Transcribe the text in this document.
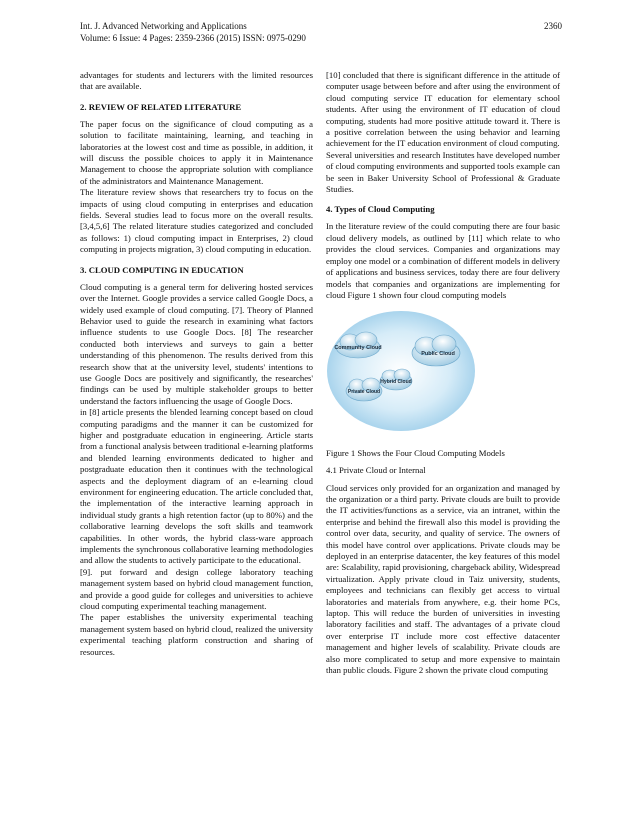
Int. J. Advanced Networking and Applications
Volume: 6 Issue: 4 Pages: 2359-2366 (2015) ISSN: 0975-0290
2360

advantages for students and lecturers with the limited resources that are available.

2. REVIEW OF RELATED LITERATURE

The paper focus on the significance of cloud computing as a solution to facilitate maintaining, learning, and teaching in laboratories at the lowest cost and time as possible, in addition, it will discuss the possible choices to apply it in Maintenance Management to choose the appropriate solution with compliance of the administrators and Maintenance Management.

The literature review shows that researchers try to focus on the impacts of using cloud computing in enterprises and education fields. Several studies lead to focus more on the overall results. [3,4,5,6] The related literature studies categorized and concluded as follows: 1) cloud computing impact in Enterprises, 2) cloud computing in projects migration, 3) cloud computing in education.

3. CLOUD COMPUTING IN EDUCATION

Cloud computing is a general term for delivering hosted services over the Internet. Google provides a service called Google Docs, a widely used example of cloud computing. [7]. Theory of Planned Behavior used to guide the research in examining what factors influence students to use Google Docs. [8] The researcher conducted both interviews and surveys to gain a better understanding of this phenomenon. The results derived from this research show that at the university level, students' intentions to use Google Docs are positively and significantly, the researches' findings can be used by multiple stakeholder groups to better understand the factors influencing the usage of Google Docs.

in [8] article presents the blended learning concept based on cloud computing paradigms and the manner it can be customized for higher and postgraduate education in engineering. Article starts from a functional analysis between traditional e-learning platforms and blended learning environments dedicated to higher and postgraduate education then it continues with the technological aspects and the deployment diagram of an e-learning cloud environment for engineering education. The article concluded that, the implementation of the interactive learning approach in individual study grants a high retention factor (up to 80%) and the collaborative learning develops the soft skills and teamwork capabilities. In other words, the hybrid class-ware approach implements the synchronous collaborative learning methodologies and allow the students to actively participate to the educational.

[9]. put forward and design college laboratory teaching management system based on hybrid cloud management function, and provide a good guide for colleges and universities to achieve cloud computing experimental teaching management.

The paper establishes the university experimental teaching management system based on hybrid cloud, realized the university experimental teaching platform construction and sharing of resources.

[10] concluded that there is significant difference in the attitude of computer usage between before and after using the environment of cloud computing service IT education for elementary school students. After using the environment of IT education of cloud computing, students had more positive attitude toward it. There is a positive correlation between the using behavior and learning achievement for the IT education environment of cloud computing.

Several universities and research Institutes have developed number of cloud computing environments and supported tools example can be seen in Baker University School of Professional & Graduate Studies.

4. Types of Cloud Computing

In the literature review of the could computing there are four basic cloud delivery models, as outlined by [11] which relate to who provides the cloud services. Companies and organizations may employ one model or a combination of different models in delivery of applications and business services, today there are four delivery models that companies and organizations are implementing for cloud Figure 1 shown four cloud computing models

Community Cloud
Public Cloud
Hybrid Cloud
Private Cloud

Figure 1 Shows the Four Cloud Computing Models

4.1 Private Cloud or Internal

Cloud services only provided for an organization and managed by the organization or a third party. Private clouds are built to provide the IT activities/functions as a service, via an intranet, within the enterprise and behind the firewall also this model is providing the control over data, security, and quality of service. The owners of this model have control over applications. Private clouds may be deployed in an enterprise datacenter, the key features of this model are: Scalability, rapid provisioning, chargeback ability, Widespread virtualization. Apply private cloud in Taiz university, students, employees and technicians can flexibly get access to virtual laboratories and materials from anywhere, e.g. their home PCs, laptop. This will reduce the burden of universities in investing laboratory facilities and staff. The advantages of a private cloud over enterprise IT include more cost effective datacenter management and higher levels of scalability. Private clouds are also more complicated to setup and more expensive to maintain than public clouds. Figure 2 shown the private cloud computing
